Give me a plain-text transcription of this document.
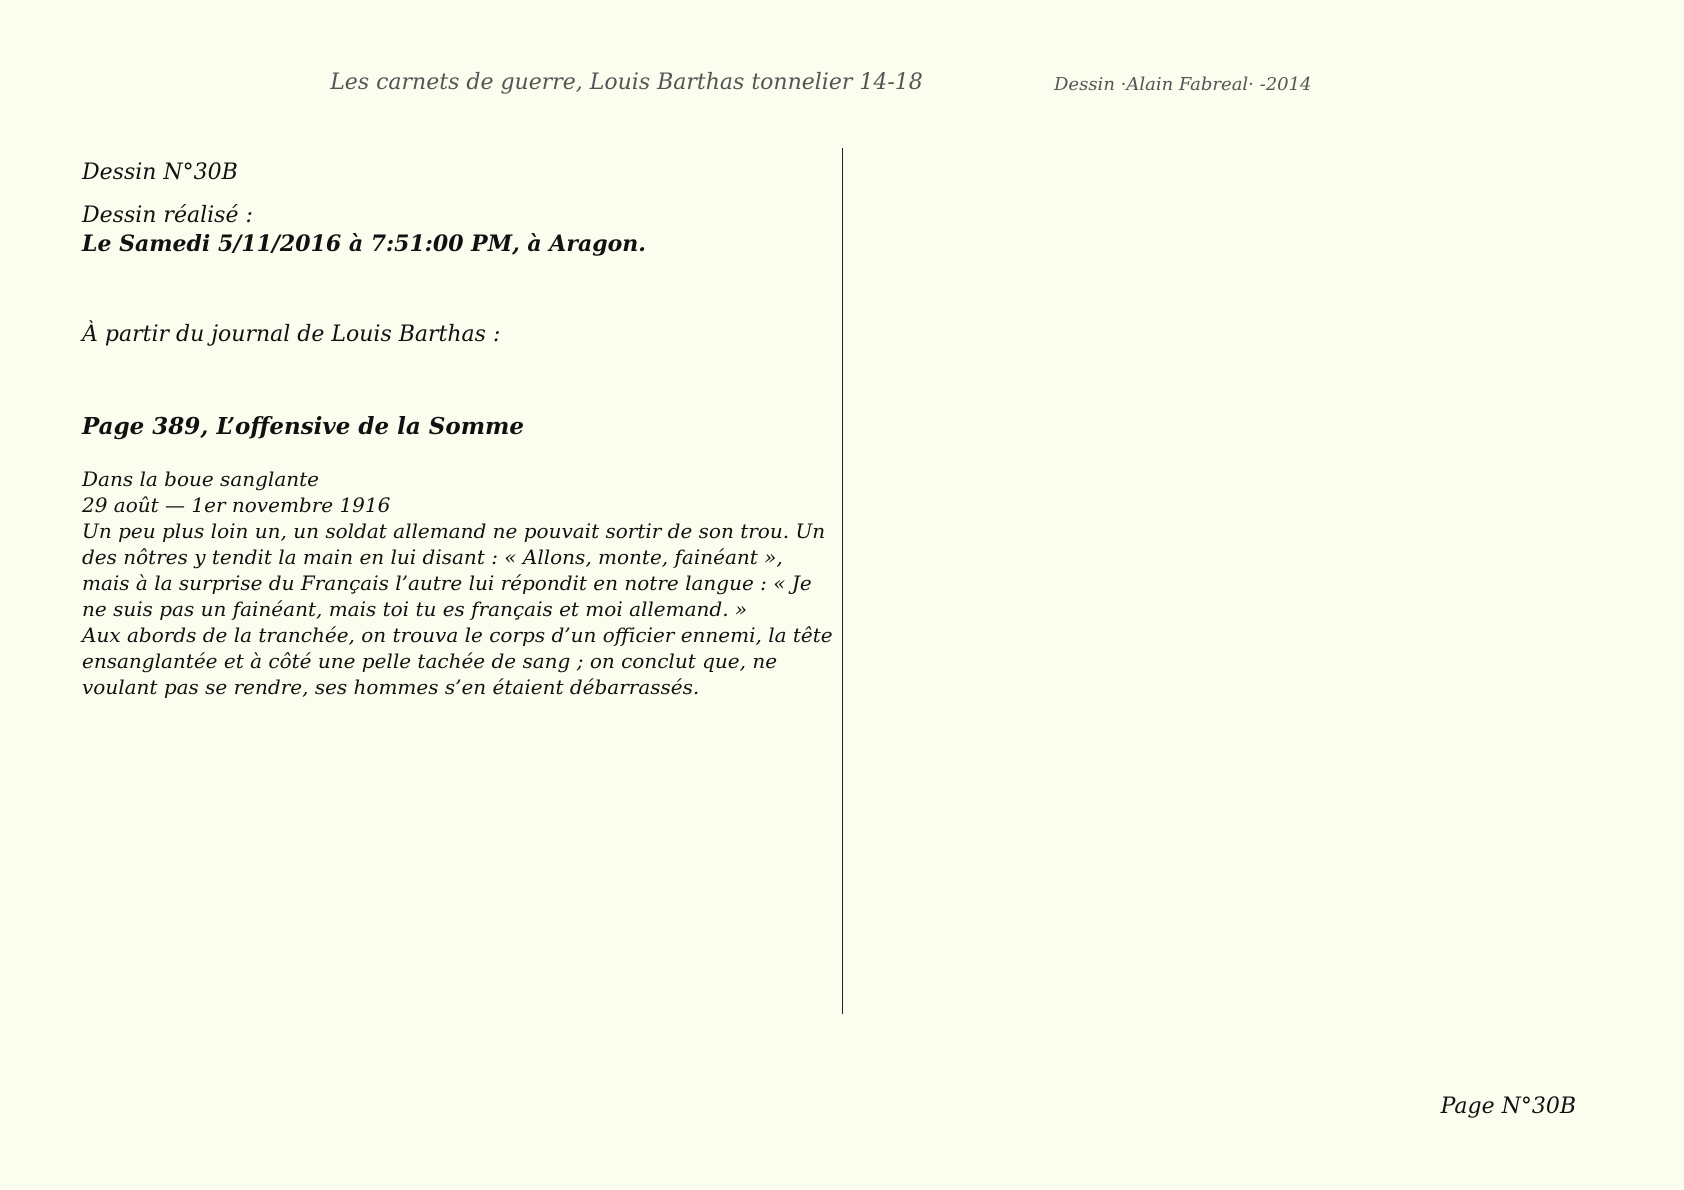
Les carnets de guerre, Louis Barthas tonnelier 14-18	Dessin ·Alain Fabreal· -2014
Dessin N°30B
Dessin réalisé :
Le Samedi 5/11/2016 à 7:51:00 PM, à Aragon.
À partir du journal de Louis Barthas :
Page 389, L’offensive de la Somme

Dans la boue sanglante

29 août — 1er novembre 1916

Un peu plus loin un, un soldat allemand ne pouvait sortir de son trou. Un des nôtres y tendit la main en lui disant : « Allons, monte, fainéant », mais à la surprise du Français l’autre lui répondit en notre langue : « Je ne suis pas un fainéant, mais toi tu es français et moi allemand. »

Aux abords de la tranchée, on trouva le corps d’un officier ennemi, la tête ensanglantée et à côté une pelle tachée de sang ; on conclut que, ne voulant pas se rendre, ses hommes s’en étaient débarrassés.

Page N°30B
